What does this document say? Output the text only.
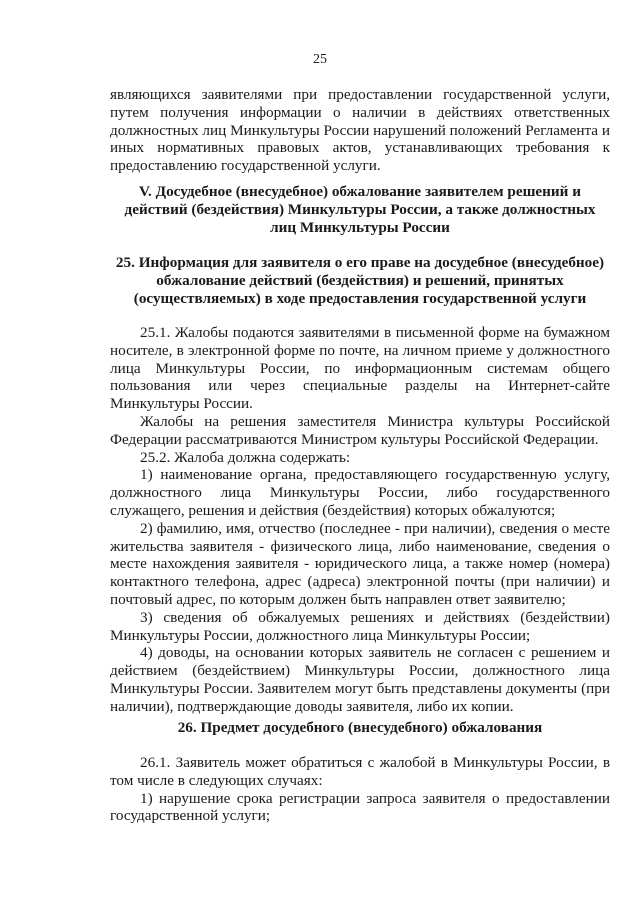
25

являющихся заявителями при предоставлении государственной услуги, путем получения информации о наличии в действиях ответственных должностных лиц Минкультуры России нарушений положений Регламента и иных нормативных правовых актов, устанавливающих требования к предоставлению государственной услуги.

V. Досудебное (внесудебное) обжалование заявителем решений и действий (бездействия) Минкультуры России, а также должностных лиц Минкультуры России
25. Информация для заявителя о его праве на досудебное (внесудебное) обжалование действий (бездействия) и решений, принятых (осуществляемых) в ходе предоставления государственной услуги

25.1. Жалобы подаются заявителями в письменной форме на бумажном носителе, в электронной форме по почте, на личном приеме у должностного лица Минкультуры России, по информационным системам общего пользования или через специальные разделы на Интернет-сайте Минкультуры России.

Жалобы на решения заместителя Министра культуры Российской Федерации рассматриваются Министром культуры Российской Федерации.

25.2. Жалоба должна содержать:

1) наименование органа, предоставляющего государственную услугу, должностного лица Минкультуры России, либо государственного служащего, решения и действия (бездействия) которых обжалуются;

2) фамилию, имя, отчество (последнее - при наличии), сведения о месте жительства заявителя - физического лица, либо наименование, сведения о месте нахождения заявителя - юридического лица, а также номер (номера) контактного телефона, адрес (адреса) электронной почты (при наличии) и почтовый адрес, по которым должен быть направлен ответ заявителю;

3) сведения об обжалуемых решениях и действиях (бездействии) Минкультуры России, должностного лица Минкультуры России;

4) доводы, на основании которых заявитель не согласен с решением и действием (бездействием) Минкультуры России, должностного лица Минкультуры России. Заявителем могут быть представлены документы (при наличии), подтверждающие доводы заявителя, либо их копии.

26. Предмет досудебного (внесудебного) обжалования

26.1. Заявитель может обратиться с жалобой в Минкультуры России, в том числе в следующих случаях:

1) нарушение срока регистрации запроса заявителя о предоставлении государственной услуги;
